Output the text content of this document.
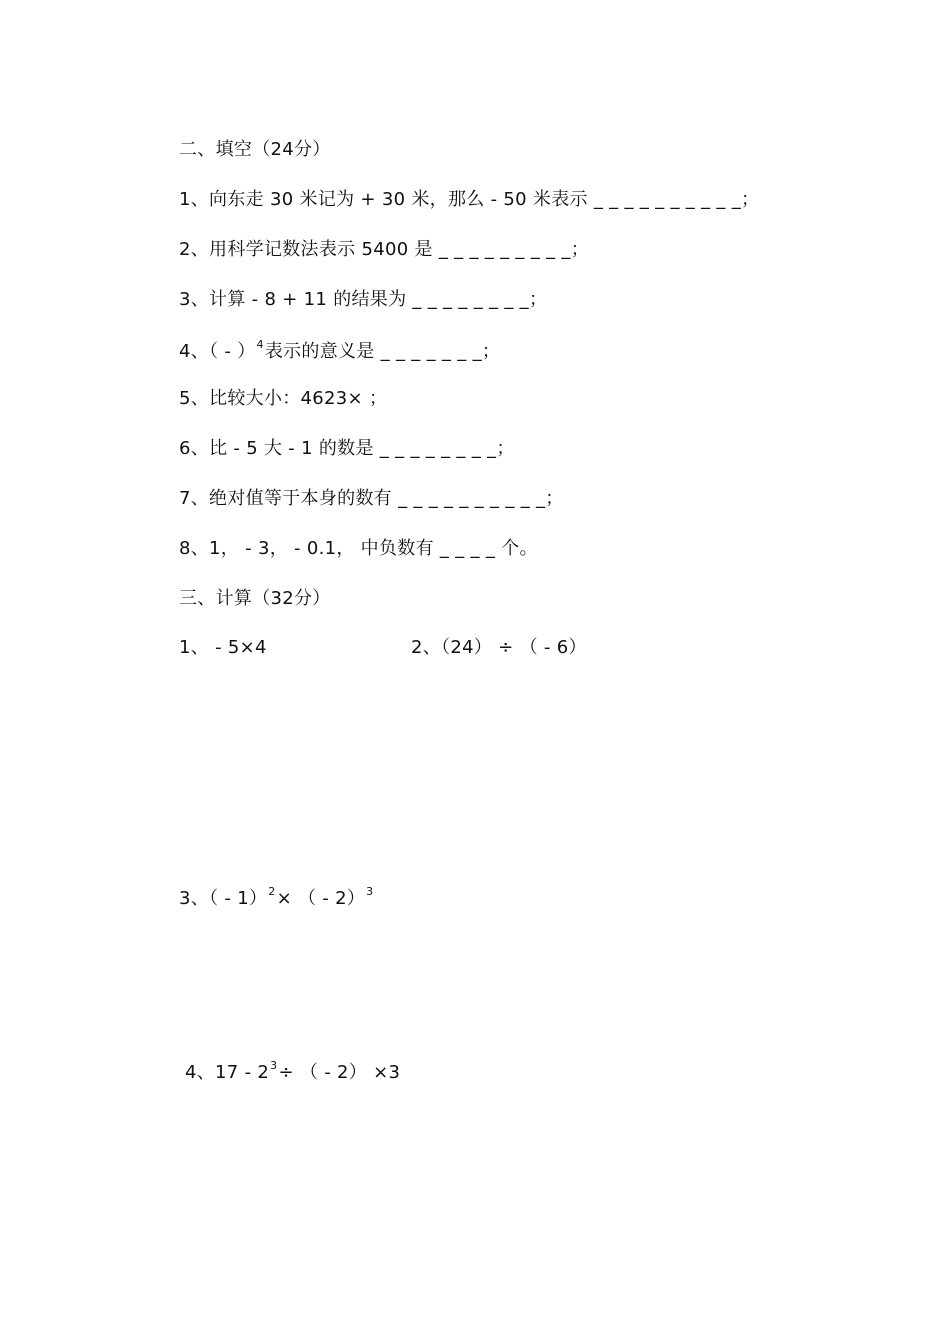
二、填空（24分）
1、向东走 30 米记为 + 30 米，那么 - 50 米表示 _ _ _ _ _ _ _ _ _ _；
2、用科学记数法表示 5400 是 _ _ _ _ _ _ _ _ _；
3、计算 - 8 + 11 的结果为 _ _ _ _ _ _ _ _；
4、（ - ）4表示的意义是 _ _ _ _ _ _ _；
5、比较大小：4623× ；
6、比 - 5 大 - 1 的数是 _ _ _ _ _ _ _ _；
7、绝对值等于本身的数有 _ _ _ _ _ _ _ _ _ _；
8、1， - 3， - 0.1， 中负数有 _ _ _ _ 个。
三、计算（32分）
1、 - 5×4	2、（24） ÷ （ - 6）
3、（ - 1）2× （ - 2）3
4、17 - 23÷ （ - 2） ×3
